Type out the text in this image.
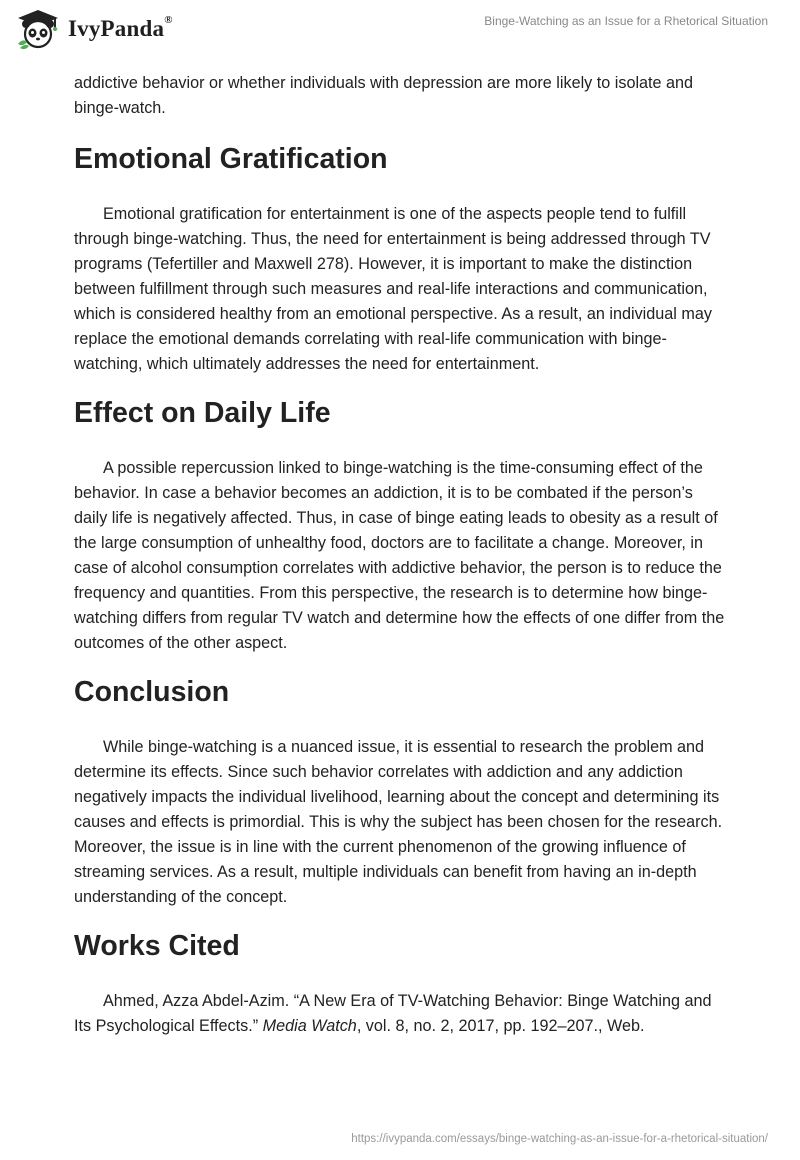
IvyPanda®	Binge-Watching as an Issue for a Rhetorical Situation

addictive behavior or whether individuals with depression are more likely to isolate and binge-watch.

Emotional Gratification

Emotional gratification for entertainment is one of the aspects people tend to fulfill through binge-watching. Thus, the need for entertainment is being addressed through TV programs (Tefertiller and Maxwell 278). However, it is important to make the distinction between fulfillment through such measures and real-life interactions and communication, which is considered healthy from an emotional perspective. As a result, an individual may replace the emotional demands correlating with real-life communication with binge-watching, which ultimately addresses the need for entertainment.

Effect on Daily Life

A possible repercussion linked to binge-watching is the time-consuming effect of the behavior. In case a behavior becomes an addiction, it is to be combated if the person’s daily life is negatively affected. Thus, in case of binge eating leads to obesity as a result of the large consumption of unhealthy food, doctors are to facilitate a change. Moreover, in case of alcohol consumption correlates with addictive behavior, the person is to reduce the frequency and quantities. From this perspective, the research is to determine how binge-watching differs from regular TV watch and determine how the effects of one differ from the outcomes of the other aspect.

Conclusion

While binge-watching is a nuanced issue, it is essential to research the problem and determine its effects. Since such behavior correlates with addiction and any addiction negatively impacts the individual livelihood, learning about the concept and determining its causes and effects is primordial. This is why the subject has been chosen for the research. Moreover, the issue is in line with the current phenomenon of the growing influence of streaming services. As a result, multiple individuals can benefit from having an in-depth understanding of the concept.

Works Cited

Ahmed, Azza Abdel-Azim. “A New Era of TV-Watching Behavior: Binge Watching and Its Psychological Effects.” Media Watch, vol. 8, no. 2, 2017, pp. 192–207., Web.

https://ivypanda.com/essays/binge-watching-as-an-issue-for-a-rhetorical-situation/
